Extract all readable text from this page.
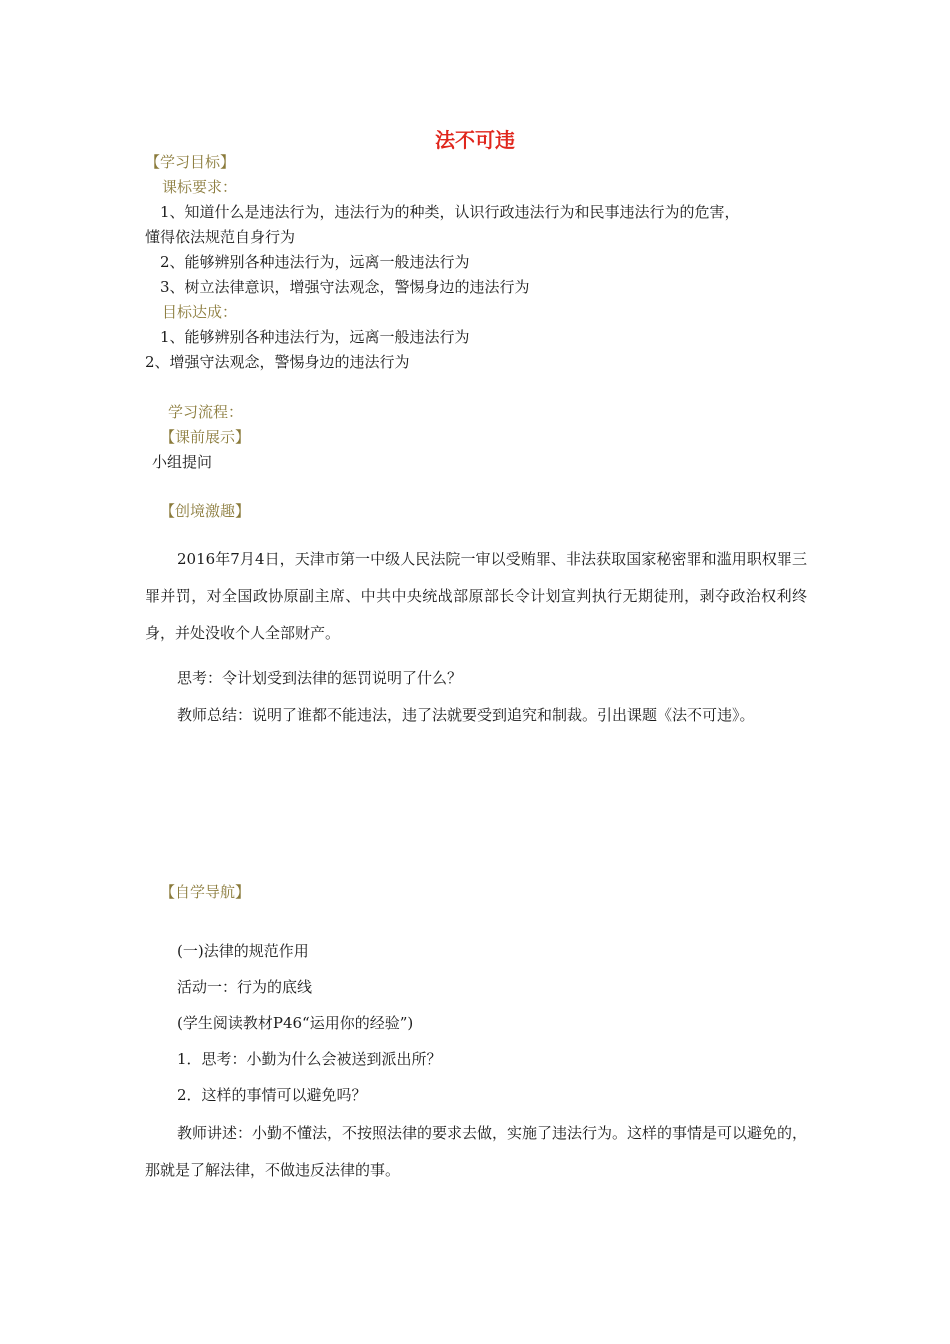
法不可违
【学习目标】
课标要求：
1、知道什么是违法行为，违法行为的种类，认识行政违法行为和民事违法行为的危害，
懂得依法规范自身行为
2、能够辨别各种违法行为，远离一般违法行为
3、树立法律意识，增强守法观念，警惕身边的违法行为
目标达成：
1、能够辨别各种违法行为，远离一般违法行为
2、增强守法观念，警惕身边的违法行为
学习流程：
【课前展示】
小组提问
【创境激趣】
2016年7月4日，天津市第一中级人民法院一审以受贿罪、非法获取国家秘密罪和滥用职权罪三罪并罚，对全国政协原副主席、中共中央统战部原部长令计划宣判执行无期徒刑，剥夺政治权利终身，并处没收个人全部财产。
思考：令计划受到法律的惩罚说明了什么？
教师总结：说明了谁都不能违法，违了法就要受到追究和制裁。引出课题《法不可违》。
【自学导航】
(一)法律的规范作用
活动一：行为的底线
(学生阅读教材P46“运用你的经验”)
1．思考：小勤为什么会被送到派出所？
2．这样的事情可以避免吗？
教师讲述：小勤不懂法，不按照法律的要求去做，实施了违法行为。这样的事情是可以避免的，那就是了解法律，不做违反法律的事。
